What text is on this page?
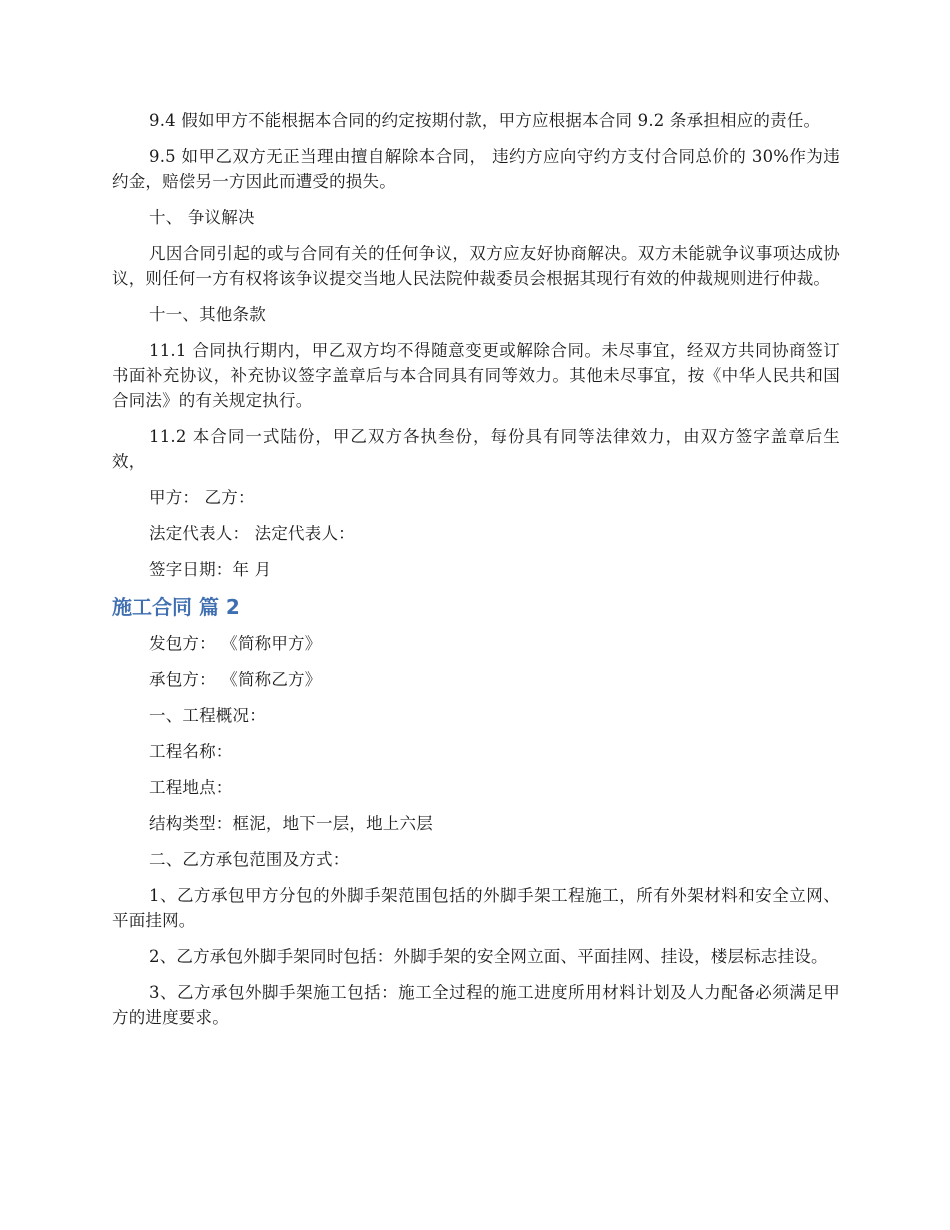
9.4 假如甲方不能根据本合同的约定按期付款，甲方应根据本合同 9.2 条承担相应的责任。

9.5 如甲乙双方无正当理由擅自解除本合同， 违约方应向守约方支付合同总价的 30%作为违约金，赔偿另一方因此而遭受的损失。

十、 争议解决

凡因合同引起的或与合同有关的任何争议，双方应友好协商解决。双方未能就争议事项达成协议，则任何一方有权将该争议提交当地人民法院仲裁委员会根据其现行有效的仲裁规则进行仲裁。

十一、其他条款

11.1 合同执行期内，甲乙双方均不得随意变更或解除合同。未尽事宜，经双方共同协商签订书面补充协议，补充协议签字盖章后与本合同具有同等效力。其他未尽事宜，按《中华人民共和国合同法》的有关规定执行。

11.2 本合同一式陆份，甲乙双方各执叁份，每份具有同等法律效力，由双方签字盖章后生效，

甲方： 乙方：

法定代表人： 法定代表人：

签字日期：年 月

施工合同 篇 2

发包方： 《简称甲方》

承包方： 《简称乙方》

一、工程概况：

工程名称：

工程地点：

结构类型：框泥，地下一层，地上六层

二、乙方承包范围及方式：

1、乙方承包甲方分包的外脚手架范围包括的外脚手架工程施工，所有外架材料和安全立网、平面挂网。

2、乙方承包外脚手架同时包括：外脚手架的安全网立面、平面挂网、挂设，楼层标志挂设。

3、乙方承包外脚手架施工包括：施工全过程的施工进度所用材料计划及人力配备必须满足甲方的进度要求。
